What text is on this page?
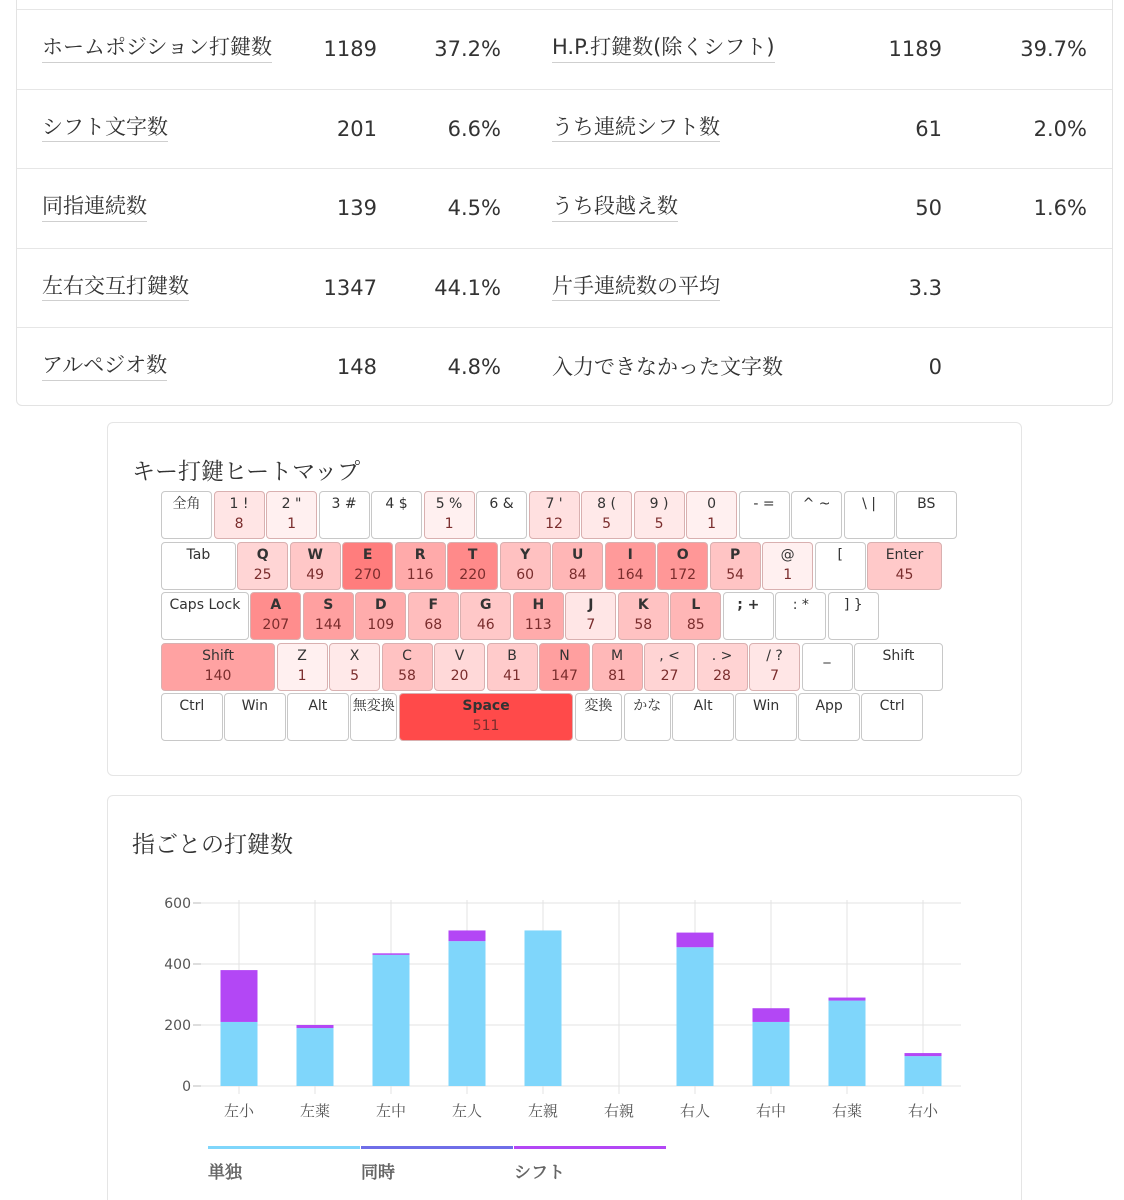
ホームポジション打鍵数 1189	37.2% H.P.打鍵数(除くシフト)	1189	39.7%
シフト文字数	201	6.6% うち連続シフト数	61	2.0%
同指連続数	139	4.5% うち段越え数	50	1.6%
左右交互打鍵数	1347	44.1% 片手連続数の平均	3.3
アルペジオ数	148	4.8% 入力できなかった文字数	0
キー打鍵ヒートマップ
全角	1 !
8
2 "
1
3 #	4 $	5 %
1
6 &	7 '
12
8 (
5
9 )
5
0
1
- =	^ ~	\ |	BS
Tab	Q
25
W
49
E
270
R
116
T
220
Y
60
U
84
I
164
O
172
P
54
@
1
[	Enter
45
Caps Lock	A
207
S
144
D
109
F
68
G
46
H
113
J
7
K
58
L
85
; +	: *	] }
Shift
140
Z
1
X
5
C
58
V
20
B
41
N
147
M
81
, <
27
. >
28
/ ?
7
_	Shift
Ctrl	Win	Alt	無変換	Space
511
変換	かな	Alt	Win	App	Ctrl
指ごとの打鍵数
0
200
400
600
左小	左薬	左中	左人	左親	右親	右人	右中	右薬	右小
単独	同時	シフト
